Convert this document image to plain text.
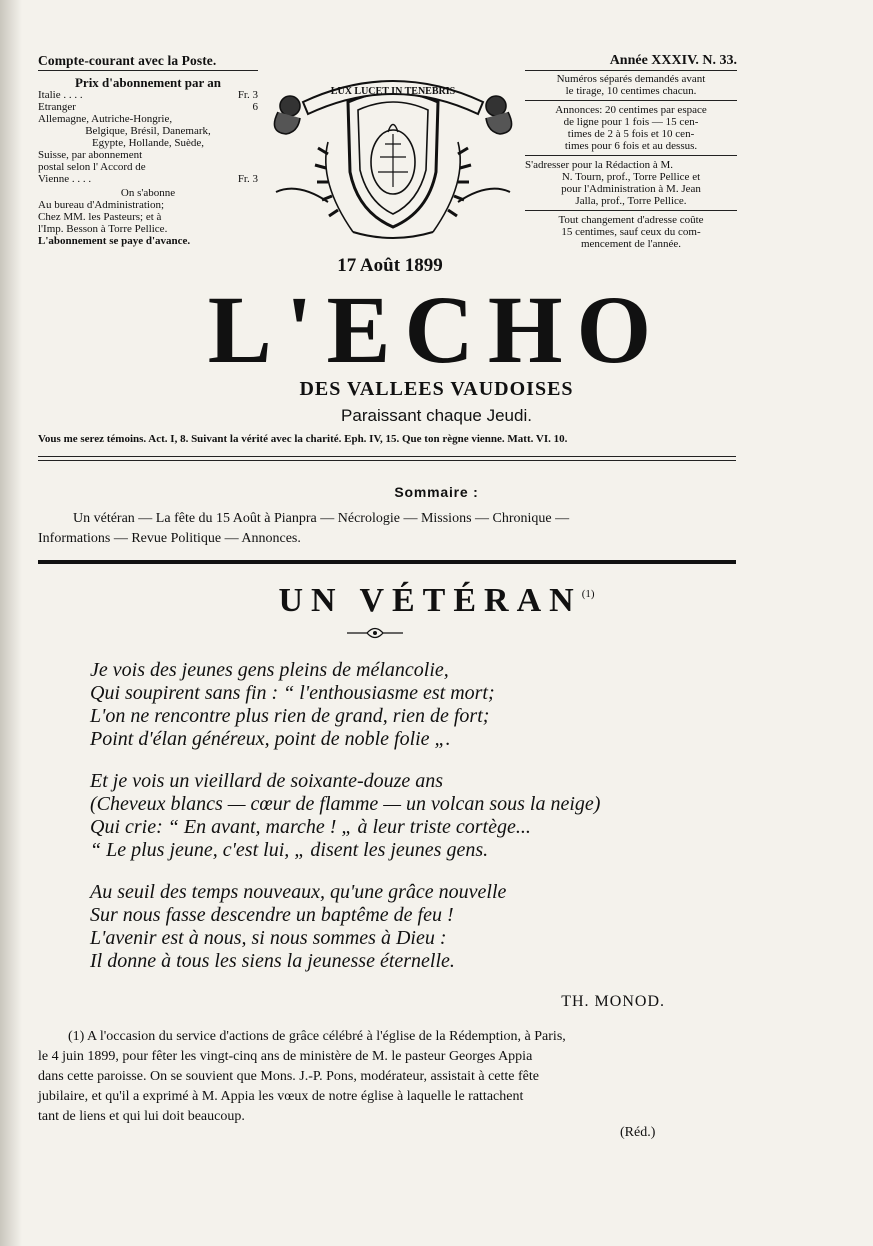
Compte-courant avec la Poste.
Prix d'abonnement par an
Italie . . . .	Fr. 3
Etranger	6
Allemagne, Autriche-Hongrie,
Belgique, Brésil, Danemark,
Egypte, Hollande, Suède,
Suisse, par abonnement
postal selon l' Accord de
Vienne . . . .	Fr. 3
On s'abonne
Au bureau d'Administration;
Chez MM. les Pasteurs; et à
l'Imp. Besson à Torre Pellice.
L'abonnement se paye d'avance.
LUX LUCET IN TENEBRIS
17 Août 1899
Année XXXIV. N. 33.
Numéros séparés demandés avant
le tirage, 10 centimes chacun.
Annonces: 20 centimes par espace
de ligne pour 1 fois — 15 cen-
times de 2 à 5 fois et 10 cen-
times pour 6 fois et au dessus.
S'adresser pour la Rédaction à M.
N. Tourn, prof., Torre Pellice et
pour l'Administration à M. Jean
Jalla, prof., Torre Pellice.
Tout changement d'adresse coûte
15 centimes, sauf ceux du com-
mencement de l'année.
L'ECHO
DES VALLEES VAUDOISES
Paraissant chaque Jeudi.
Vous me serez témoins. Act. I, 8. Suivant la vérité avec la charité. Eph. IV, 15. Que ton règne vienne. Matt. VI. 10.
Sommaire :
Un vétéran — La fête du 15 Août à Pianpra — Nécrologie — Missions — Chronique —
Informations — Revue Politique — Annonces.
UN VÉTÉRAN$^{(1)}$
Je vois des jeunes gens pleins de mélancolie,
Qui soupirent sans fin : “ l'enthousiasme est mort;
L'on ne rencontre plus rien de grand, rien de fort;
Point d'élan généreux, point de noble folie „.
Et je vois un vieillard de soixante-douze ans
(Cheveux blancs — cœur de flamme — un volcan sous la neige)
Qui crie: “ En avant, marche ! „ à leur triste cortège...
“ Le plus jeune, c'est lui, „ disent les jeunes gens.
Au seuil des temps nouveaux, qu'une grâce nouvelle
Sur nous fasse descendre un baptême de feu !
L'avenir est à nous, si nous sommes à Dieu :
Il donne à tous les siens la jeunesse éternelle.
TH. MONOD.
(1) A l'occasion du service d'actions de grâce célébré à l'église de la Rédemption, à Paris,
le 4 juin 1899, pour fêter les vingt-cinq ans de ministère de M. le pasteur Georges Appia
dans cette paroisse. On se souvient que Mons. J.-P. Pons, modérateur, assistait à cette fête
jubilaire, et qu'il a exprimé à M. Appia les vœux de notre église à laquelle le rattachent
tant de liens et qui lui doit beaucoup.
(Réd.)
